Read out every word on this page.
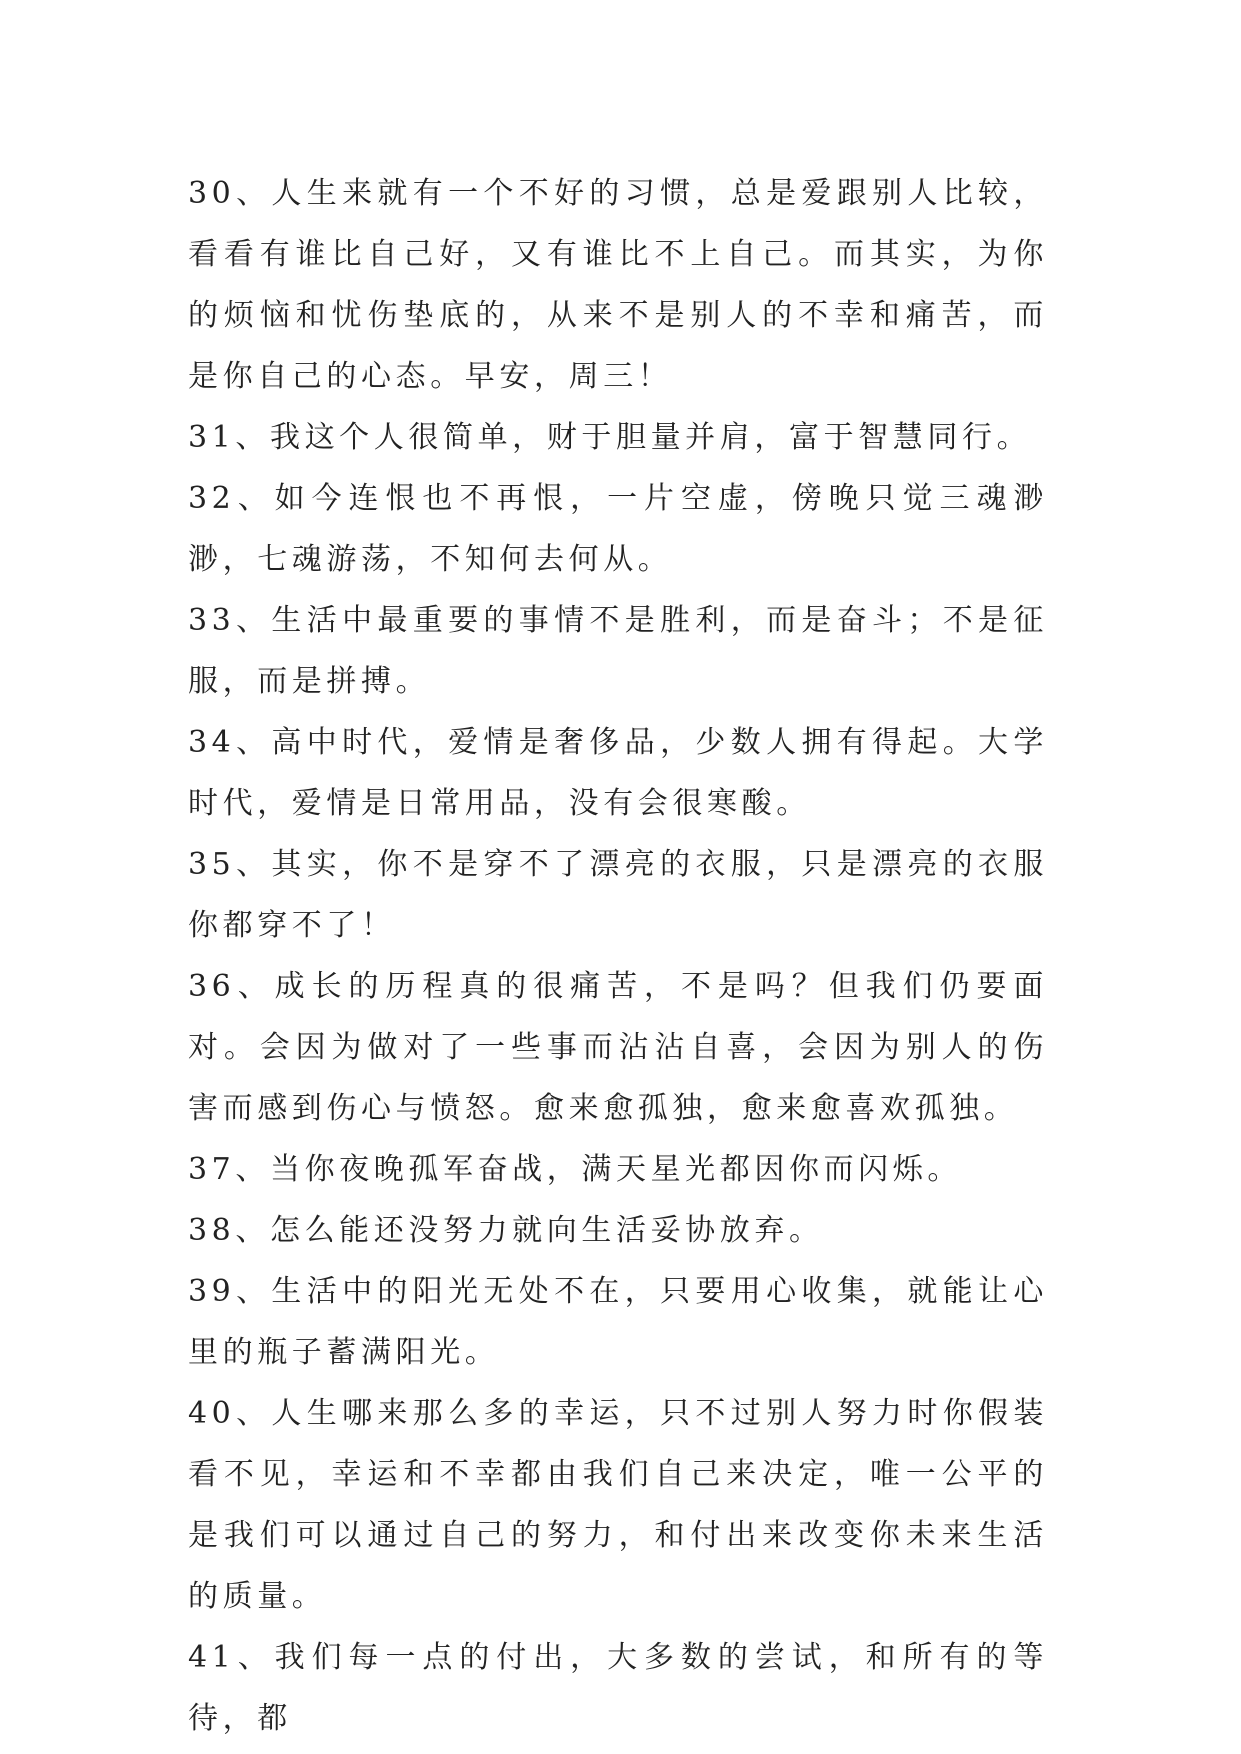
30、人生来就有一个不好的习惯，总是爱跟别人比较，看看有谁比自己好，又有谁比不上自己。而其实，为你的烦恼和忧伤垫底的，从来不是别人的不幸和痛苦，而是你自己的心态。早安，周三！

31、我这个人很简单，财于胆量并肩，富于智慧同行。

32、如今连恨也不再恨，一片空虚，傍晚只觉三魂渺渺，七魂游荡，不知何去何从。

33、生活中最重要的事情不是胜利，而是奋斗；不是征服，而是拼搏。

34、高中时代，爱情是奢侈品，少数人拥有得起。大学时代，爱情是日常用品，没有会很寒酸。

35、其实，你不是穿不了漂亮的衣服，只是漂亮的衣服你都穿不了！

36、成长的历程真的很痛苦，不是吗？但我们仍要面对。会因为做对了一些事而沾沾自喜，会因为别人的伤害而感到伤心与愤怒。愈来愈孤独，愈来愈喜欢孤独。

37、当你夜晚孤军奋战，满天星光都因你而闪烁。

38、怎么能还没努力就向生活妥协放弃。

39、生活中的阳光无处不在，只要用心收集，就能让心里的瓶子蓄满阳光。

40、人生哪来那么多的幸运，只不过别人努力时你假装看不见，幸运和不幸都由我们自己来决定，唯一公平的是我们可以通过自己的努力，和付出来改变你未来生活的质量。

41、我们每一点的付出，大多数的尝试，和所有的等待，都
